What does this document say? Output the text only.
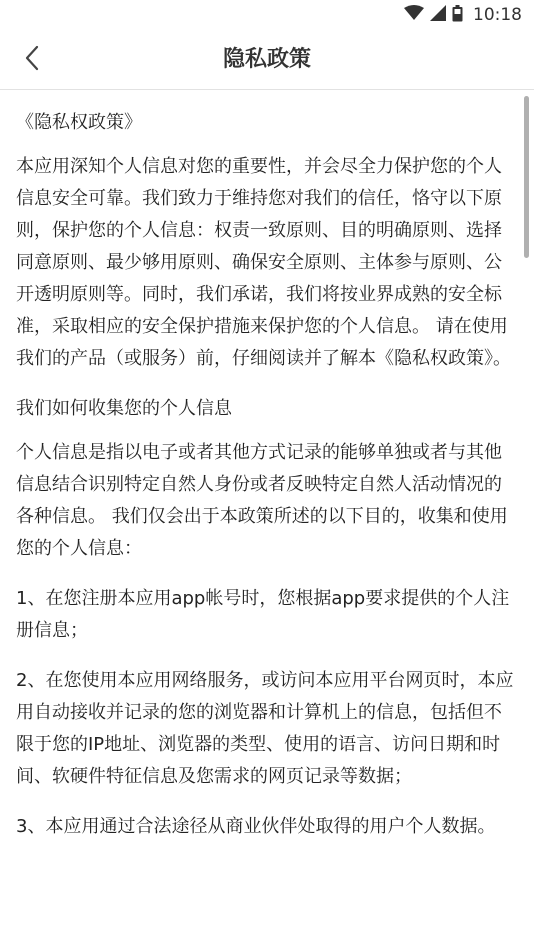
10:18
隐私政策

《隐私权政策》

本应用深知个人信息对您的重要性，并会尽全力保护您的个人信息安全可靠。我们致力于维持您对我们的信任，恪守以下原则，保护您的个人信息：权责一致原则、目的明确原则、选择同意原则、最少够用原则、确保安全原则、主体参与原则、公开透明原则等。同时，我们承诺，我们将按业界成熟的安全标准，采取相应的安全保护措施来保护您的个人信息。 请在使用我们的产品（或服务）前，仔细阅读并了解本《隐私权政策》。

我们如何收集您的个人信息

个人信息是指以电子或者其他方式记录的能够单独或者与其他信息结合识别特定自然人身份或者反映特定自然人活动情况的各种信息。 我们仅会出于本政策所述的以下目的，收集和使用您的个人信息：

1、在您注册本应用app帐号时，您根据app要求提供的个人注册信息；

2、在您使用本应用网络服务，或访问本应用平台网页时，本应用自动接收并记录的您的浏览器和计算机上的信息，包括但不限于您的IP地址、浏览器的类型、使用的语言、访问日期和时间、软硬件特征信息及您需求的网页记录等数据；

3、本应用通过合法途径从商业伙伴处取得的用户个人数据。
